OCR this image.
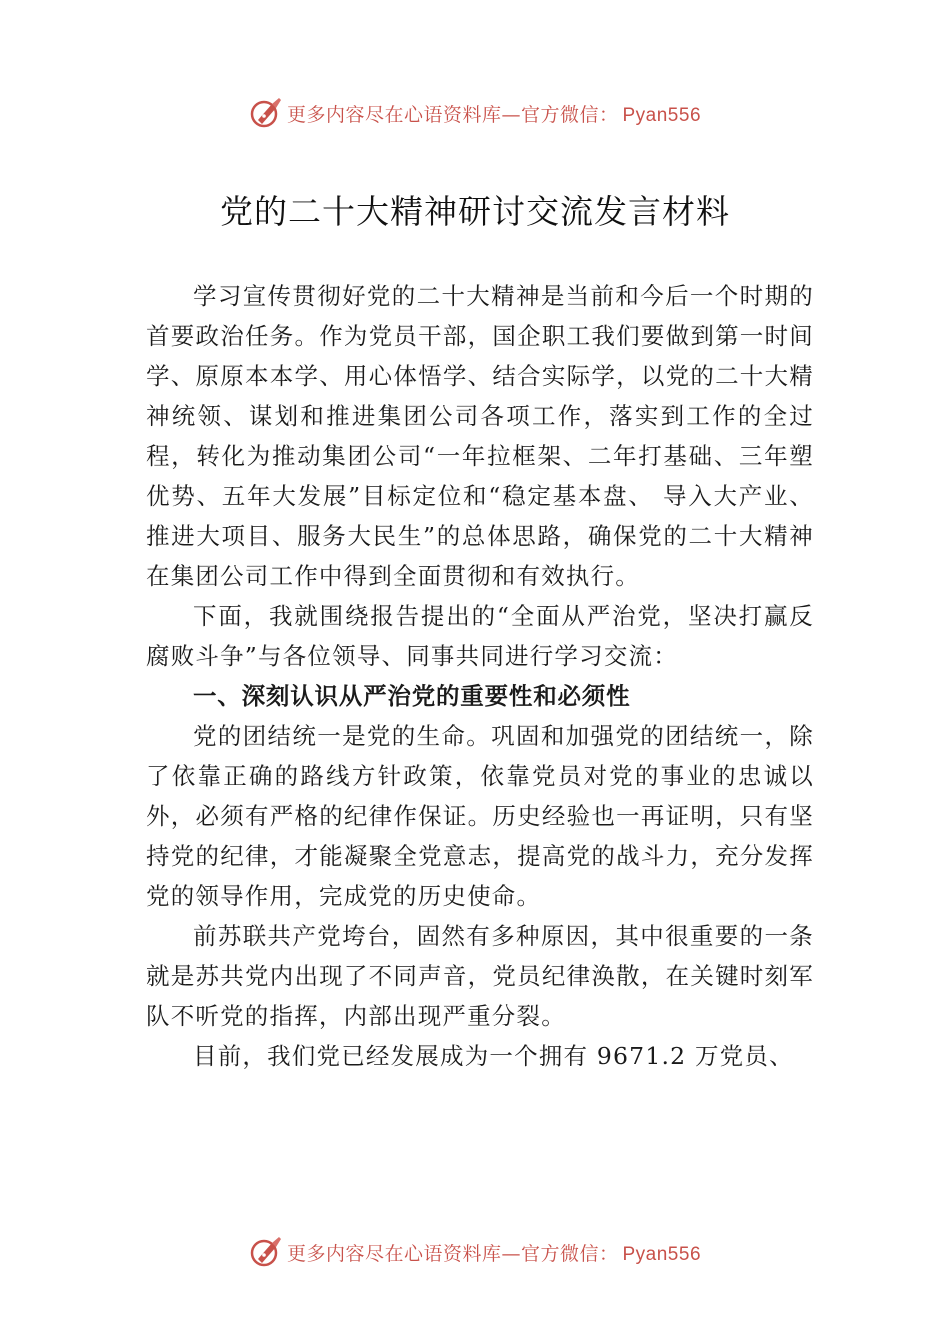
更多内容尽在心语资料库—官方微信： Pyan556
党的二十大精神研讨交流发言材料

学习宣传贯彻好党的二十大精神是当前和今后一个时期的首要政治任务。作为党员干部，国企职工我们要做到第一时间学、原原本本学、用心体悟学、结合实际学，以党的二十大精神统领、谋划和推进集团公司各项工作，落实到工作的全过程，转化为推动集团公司“一年拉框架、二年打基础、三年塑优势、五年大发展”目标定位和“稳定基本盘、 导入大产业、推进大项目、服务大民生”的总体思路，确保党的二十大精神在集团公司工作中得到全面贯彻和有效执行。

下面，我就围绕报告提出的“全面从严治党，坚决打赢反腐败斗争”与各位领导、同事共同进行学习交流：

一、深刻认识从严治党的重要性和必须性

党的团结统一是党的生命。巩固和加强党的团结统一，除了依靠正确的路线方针政策，依靠党员对党的事业的忠诚以外，必须有严格的纪律作保证。历史经验也一再证明，只有坚持党的纪律，才能凝聚全党意志，提高党的战斗力，充分发挥党的领导作用，完成党的历史使命。

前苏联共产党垮台，固然有多种原因，其中很重要的一条就是苏共党内出现了不同声音，党员纪律涣散，在关键时刻军队不听党的指挥，内部出现严重分裂。

目前，我们党已经发展成为一个拥有 9671.2 万党员、

更多内容尽在心语资料库—官方微信： Pyan556
